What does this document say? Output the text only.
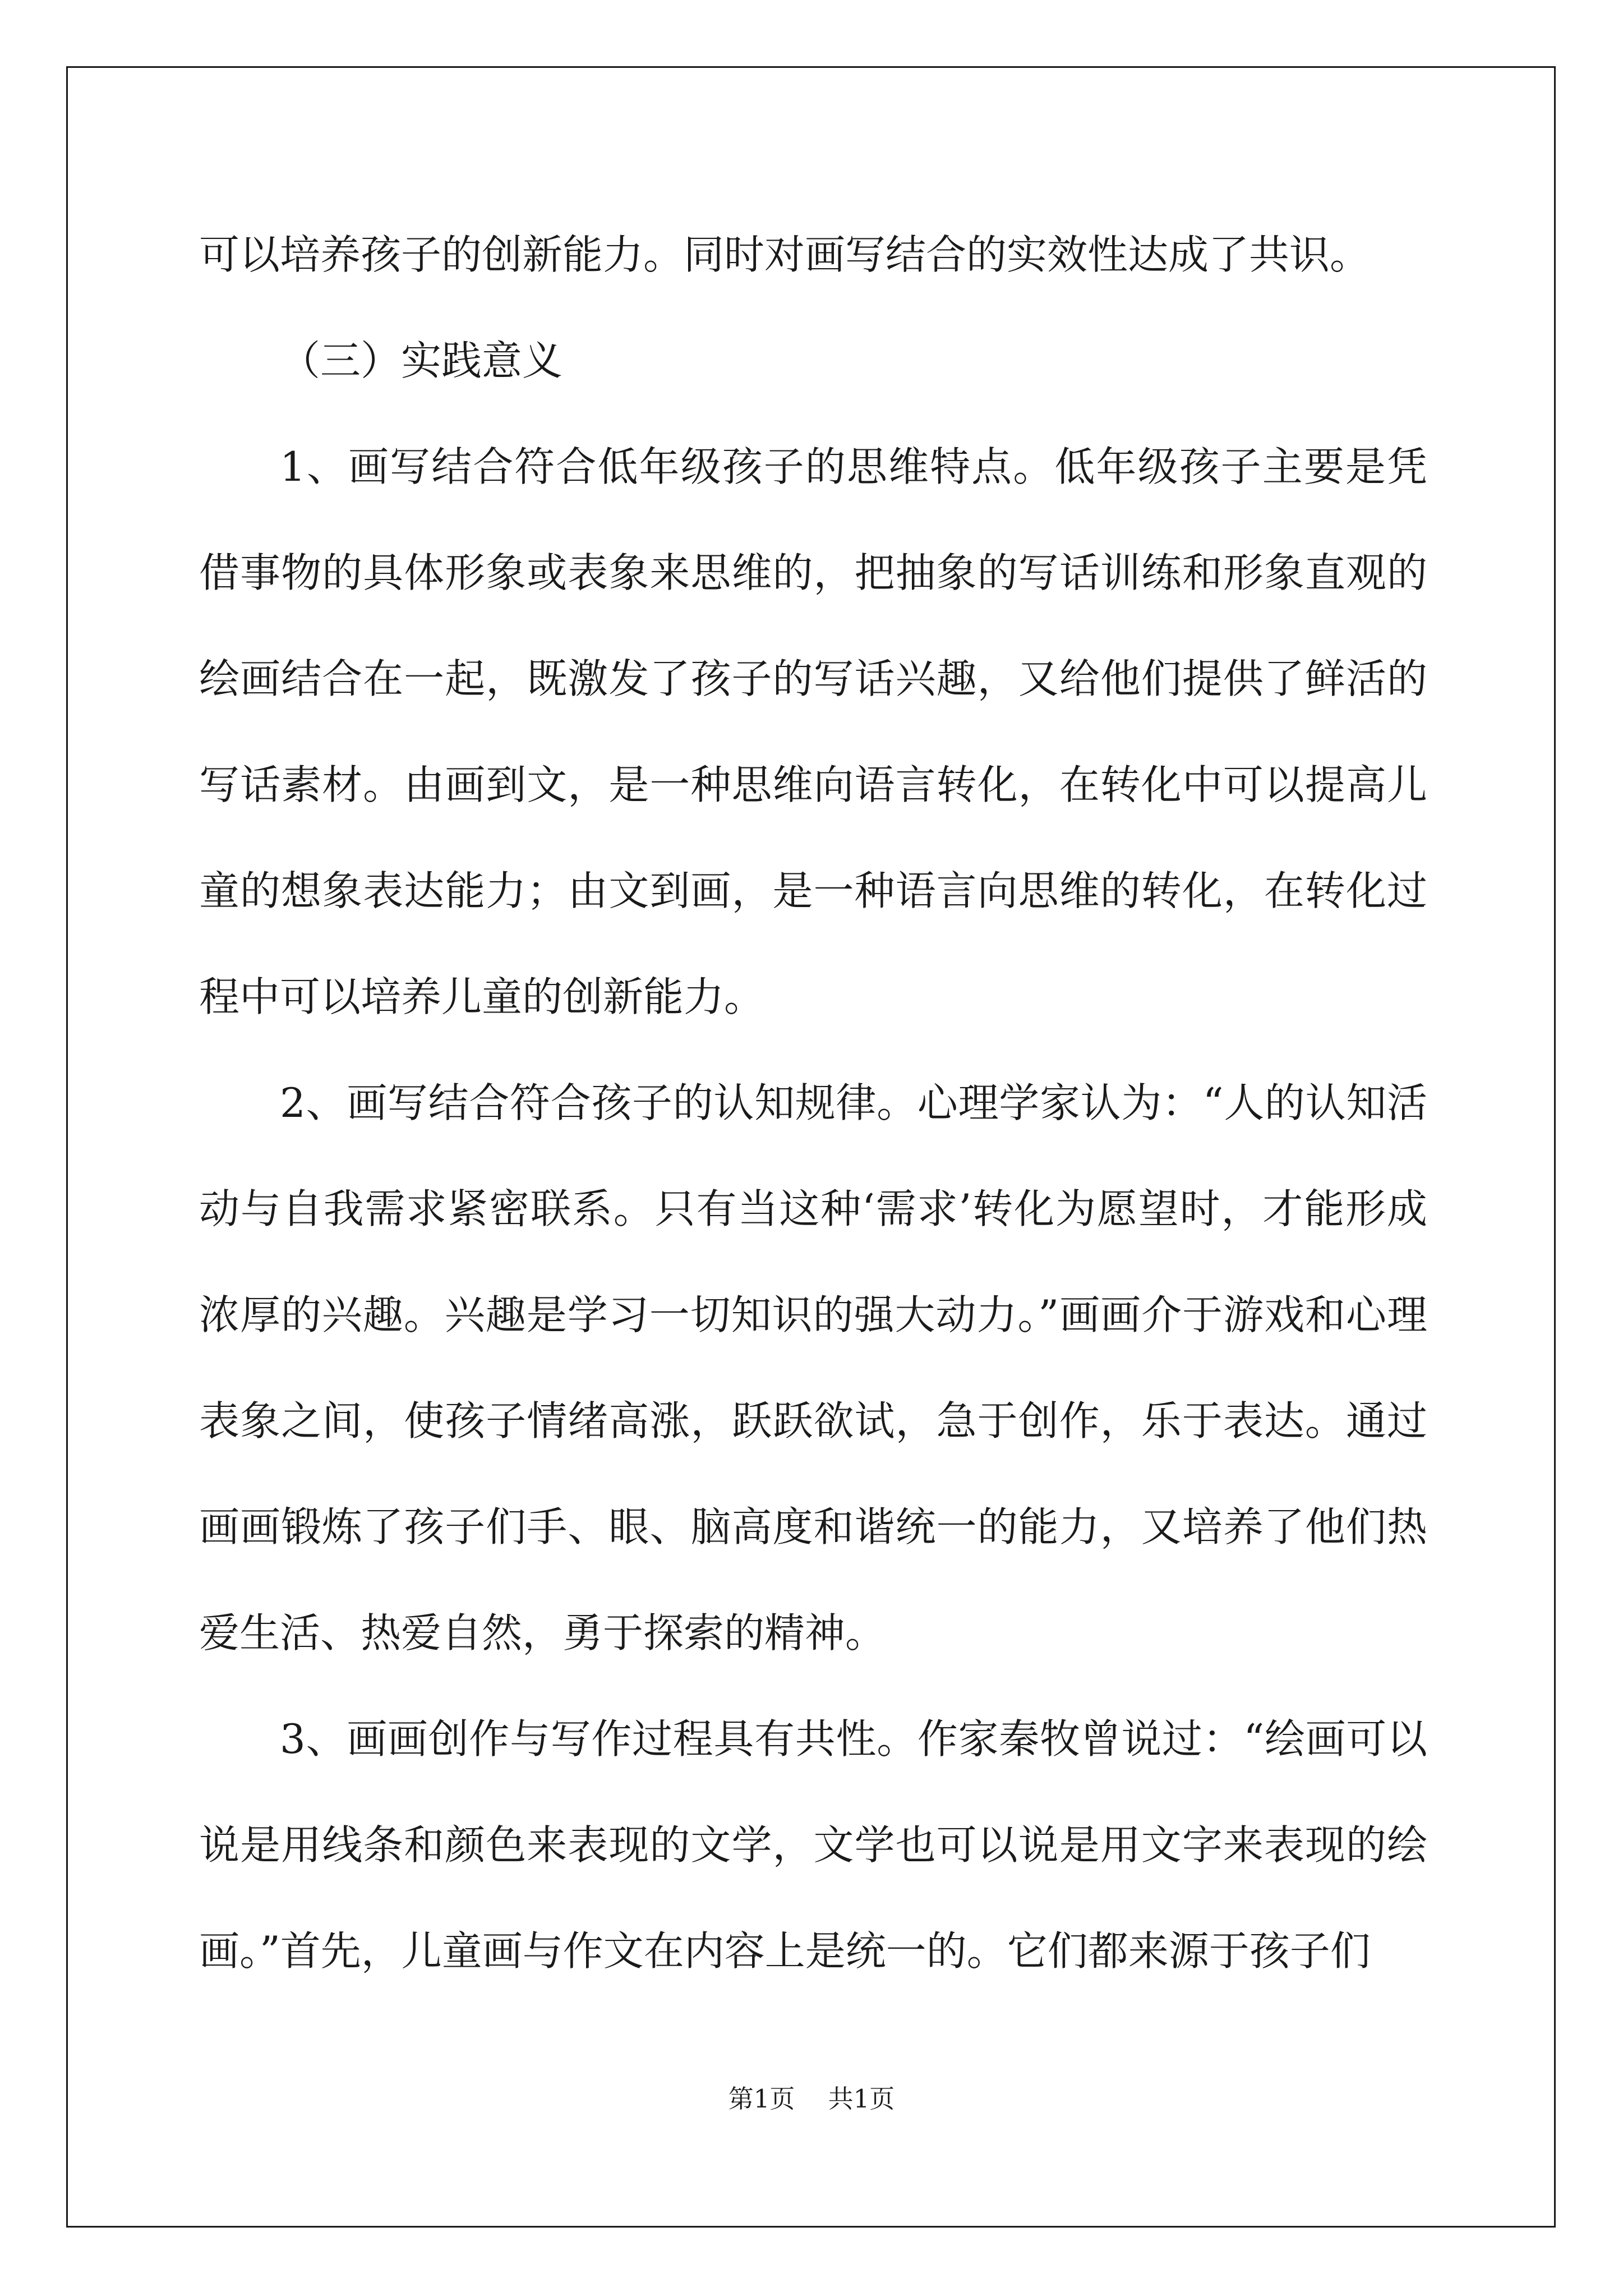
可以培养孩子的创新能力。同时对画写结合的实效性达成了共识。

（三）实践意义

1、画写结合符合低年级孩子的思维特点。低年级孩子主要是凭借事物的具体形象或表象来思维的，把抽象的写话训练和形象直观的绘画结合在一起，既激发了孩子的写话兴趣，又给他们提供了鲜活的写话素材。由画到文，是一种思维向语言转化，在转化中可以提高儿童的想象表达能力；由文到画，是一种语言向思维的转化，在转化过程中可以培养儿童的创新能力。

2、画写结合符合孩子的认知规律。心理学家认为：“人的认知活动与自我需求紧密联系。只有当这种‘需求’转化为愿望时，才能形成浓厚的兴趣。兴趣是学习一切知识的强大动力。”画画介于游戏和心理表象之间，使孩子情绪高涨，跃跃欲试，急于创作，乐于表达。通过画画锻炼了孩子们手、眼、脑高度和谐统一的能力，又培养了他们热爱生活、热爱自然，勇于探索的精神。

3、画画创作与写作过程具有共性。作家秦牧曾说过：“绘画可以说是用线条和颜色来表现的文学，文学也可以说是用文字来表现的绘画。”首先，儿童画与作文在内容上是统一的。它们都来源于孩子们

第1页 共1页
